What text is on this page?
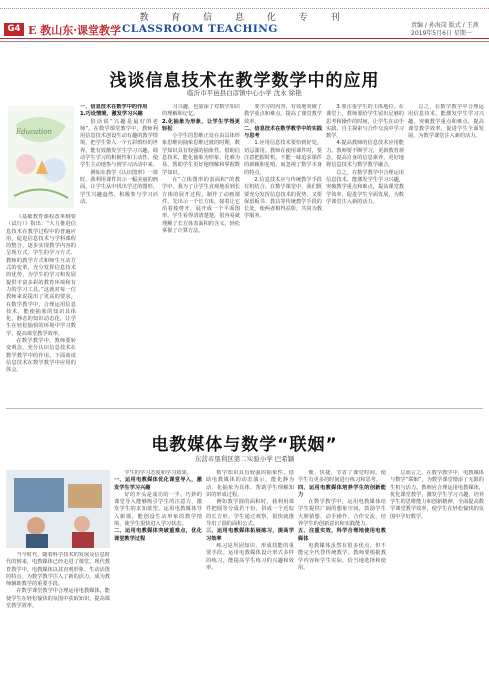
教 育 信 息 化 专 刊
G4 E 教山东·课堂教学 CLASSROOM TEACHING	责编 / 孙海岗 版式 / 王燕
2019年5月6日 星期一
浅谈信息技术在教学数学中的应用
临沂市平邑县白彦镇中心小学 沈永 徐艳
Education

《基础教育课程改革纲要（试行）》指出：“大力推进信息技术在教学过程中的普遍应用，促进信息技术与学科课程的整合，逐步实现教学内容的呈现方式、学生的学习方式、教师的教学方式和师生互动方式的变革，充分发挥信息技术的优势，为学生的学习和发展提供丰富多彩的教育环境和有力的学习工具。”这就对每一位教师来说提出了更高的要求。在数学教学中，合理运用信息技术，能使抽象的知识具体化，静态的知识动态化，让学生在轻松愉快的环境中学习数学，提高课堂教学效率。

在数学教学中，教师要转变观念，充分认识信息技术在数学教学中的作用。下面谈谈信息技术在数学教学中应用的体会。

一、信息技术在数学中的作用

1.巧设情境，激发学习兴趣

俗话说“兴趣是最好的老师”。在数学课堂教学中，教师利用信息技术创设生动有趣的教学情境，把学生带入一个五彩缤纷的世界，能有效激发学生学习兴趣，调动学生学习的积极性和主动性，使学生主动地参与到学习活动中来。

例如在教学《认识图形》一课时，我利用课件出示一幅美丽的画面，让学生从中找出学过的图形，学生兴趣盎然，积极参与学习活动。

习兴趣，也加深了对数学知识的理解和记忆。

2.化抽象为形象，让学生学得更轻松

小学生的思维正处在由具体形象思维向抽象思维过渡的时期，数学知识具有较强的抽象性。借助信息技术，能化抽象为形象，化难为易，帮助学生更好地理解和掌握数学知识。

在“立体图形的表面积”的教学中，我为了让学生直观地看到长方体的展开过程，制作了动画课件，先出示一个长方体，接着让它沿着棱剪开，展开成一个平面图形。学生看得清清楚楚，很容易就理解了长方体表面积的含义，轻松掌握了计算方法。

要学习的内容，有效地突破了教学重点和难点，提高了课堂教学效率。

二、信息技术在数学教学中的实践与思考

1.应用信息技术要恰到好处，切忌滥用。教师在使用课件时，要注意把握时机，不能一味追求课件的新颖和花哨，而忽视了数学本身的特点。

2.信息技术应与传统教学手段有机结合。在数学课堂中，我们既要充分发挥信息技术的优势，又要保留板书、教具等传统教学手段的长处，使两者相得益彰，共同为教学服务。

3.要注重学生的主体地位。在课堂上，教师要给学生留出足够的思考和操作的时间，让学生在动手实践、自主探索与合作交流中学习数学。

4.提高教师的信息技术应用能力。教师要不断学习，更新教育观念，提高自身的信息素养，更好地将信息技术与数学教学融合。

总之，在数学教学中合理运用信息技术，能激发学生学习兴趣，突破教学重点和难点，提高课堂教学效率，促进学生全面发展，为数学课堂注入新的活力。

总之，在数学教学中合理运用信息技术，能激发学生学习兴趣，突破教学重点和难点，提高课堂教学效率，促进学生全面发展，为数学课堂注入新的活力。

电教媒体与数学“联姻”
东营市垦利区第二实验小学 巴希颖

当今时代，随着科学技术的发展及信息时代的到来，电教媒体已经走进了课堂。现代教育教学中，电教媒体以其直观形象、生动活泼的特点，为数学教学注入了新的活力，成为教师辅助教学的重要手段。

在数学课堂教学中合理运用电教媒体，能使学生在轻松愉快的氛围中获取知识，提高课堂教学效率。

学生的学习态度和学习效果。

一、运用电教媒体优化课堂导入，激发学生学习兴趣

好的开头是成功的一半。巧妙的课堂导入能够吸引学生的注意力，激发学生的求知欲望。运用电教媒体导入新课，能创设生动形象的教学情境，使学生很快进入学习状态。

二、运用电教媒体突破重难点，优化课堂教学过程

数学知识具有较强的抽象性，借助电教媒体的动态演示，能化静为动、化抽象为具体，帮助学生理解知识的形成过程。

例如教学圆的面积时，我利用课件把圆等分成若干份，拼成一个近似的长方形，学生通过观察，很快就推导出了圆的面积公式。

三、运用电教媒体拓展练习，提高学习效率

练习是巩固知识、形成技能的重要手段。运用电教媒体设计形式多样的练习，能提高学生练习的兴趣和效率。

便、快捷，节省了课堂时间，使学生有更多的时间进行练习和思考。

四、运用电教媒体培养学生的创新能力

在数学教学中，运用电教媒体给学生提供广阔的想象空间，鼓励学生大胆猜想、动手操作、合作交流，培养学生的创新意识和实践能力。

五、注重实效，科学合理地使用电教媒体

电教媒体虽然有很多优点，但不能完全代替传统教学。教师要根据教学内容和学生实际，恰当地选择和使用。

总而言之，在数学教学中，电教媒体与数学“联姻”，为数学课堂增添了无限的生机与活力。教师应合理运用电教媒体，优化课堂教学，激发学生学习兴趣，培养学生的思维能力和创新精神，全面提高数学课堂教学效率，使学生在轻松愉快的氛围中学好数学。
